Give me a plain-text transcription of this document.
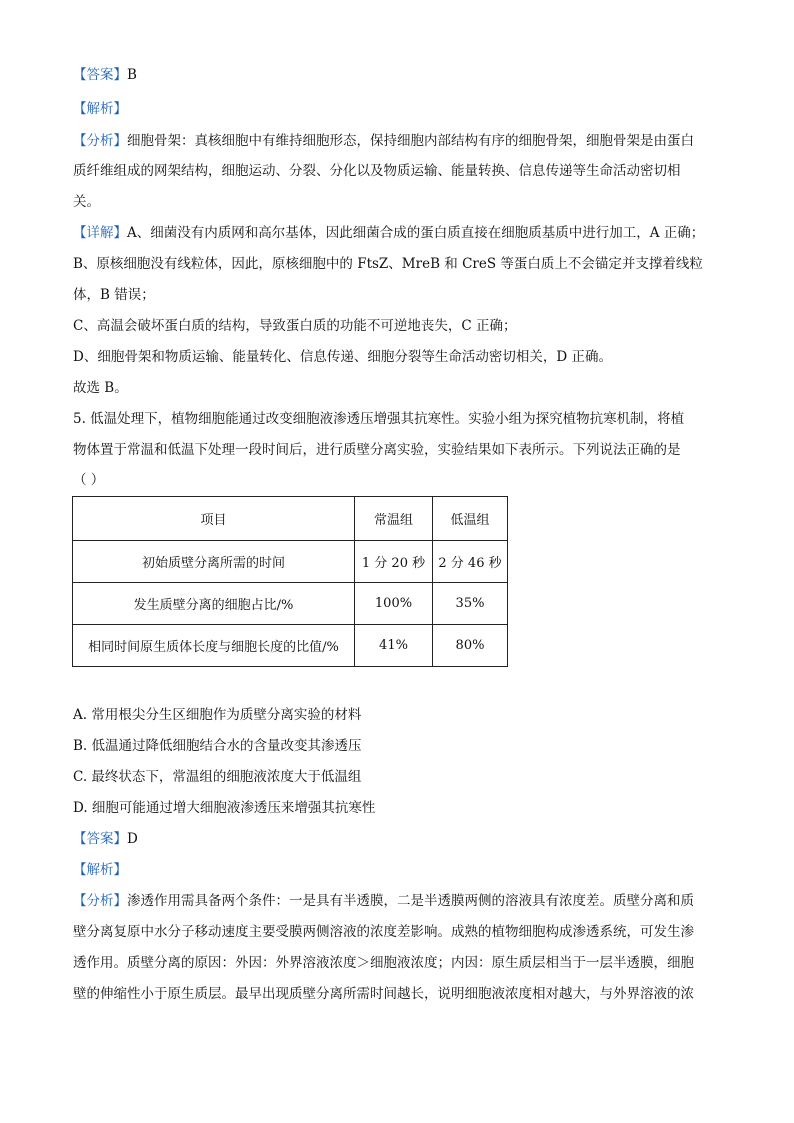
【答案】B
【解析】
【分析】细胞骨架：真核细胞中有维持细胞形态，保持细胞内部结构有序的细胞骨架，细胞骨架是由蛋白
质纤维组成的网架结构，细胞运动、分裂、分化以及物质运输、能量转换、信息传递等生命活动密切相
关。
【详解】A、细菌没有内质网和高尔基体，因此细菌合成的蛋白质直接在细胞质基质中进行加工，A 正确；
B、原核细胞没有线粒体，因此，原核细胞中的 FtsZ、MreB 和 CreS 等蛋白质上不会锚定并支撑着线粒
体，B 错误；
C、高温会破坏蛋白质的结构，导致蛋白质的功能不可逆地丧失，C 正确；
D、细胞骨架和物质运输、能量转化、信息传递、细胞分裂等生命活动密切相关，D 正确。
故选 B。
5. 低温处理下，植物细胞能通过改变细胞液渗透压增强其抗寒性。实验小组为探究植物抗寒机制，将植
物体置于常温和低温下处理一段时间后，进行质壁分离实验，实验结果如下表所示。下列说法正确的是
（ ）
项目	常温组	低温组
初始质壁分离所需的时间	1 分 20 秒	2 分 46 秒
发生质壁分离的细胞占比/%	100%	35%
相同时间原生质体长度与细胞长度的比值/%	41%	80%
A. 常用根尖分生区细胞作为质壁分离实验的材料
B. 低温通过降低细胞结合水的含量改变其渗透压
C. 最终状态下，常温组的细胞液浓度大于低温组
D. 细胞可能通过增大细胞液渗透压来增强其抗寒性
【答案】D
【解析】
【分析】渗透作用需具备两个条件：一是具有半透膜，二是半透膜两侧的溶液具有浓度差。质壁分离和质
壁分离复原中水分子移动速度主要受膜两侧溶液的浓度差影响。成熟的植物细胞构成渗透系统，可发生渗
透作用。质壁分离的原因：外因：外界溶液浓度＞细胞液浓度；内因：原生质层相当于一层半透膜，细胞
壁的伸缩性小于原生质层。最早出现质壁分离所需时间越长，说明细胞液浓度相对越大，与外界溶液的浓
